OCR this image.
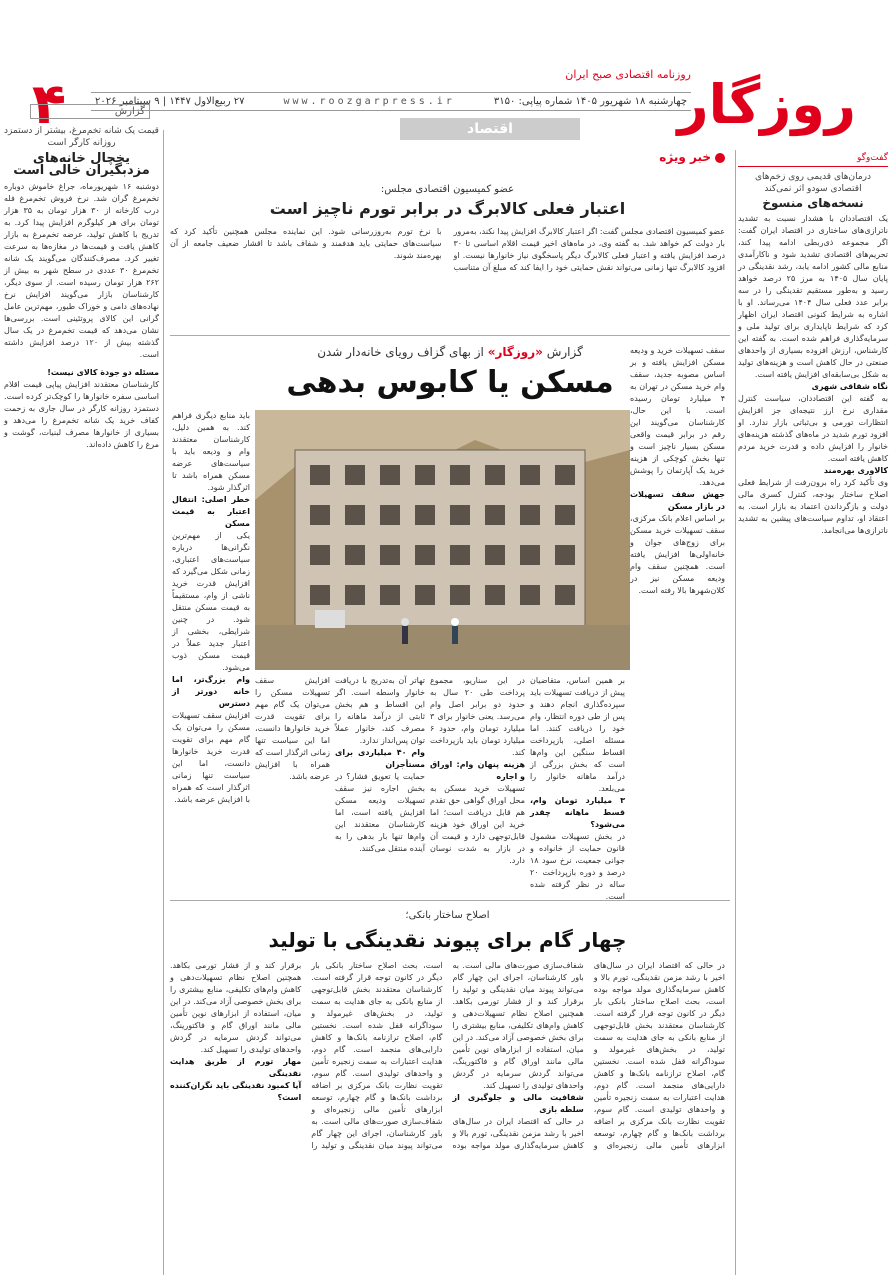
روزگار
۴	روزنامه اقتصادی صبح ایران
چهارشنبه ۱۸ شهریور ۱۴۰۵ شماره پیاپی: ۳۱۵۰
www.roozgarpress.ir
۲۷ ربیع‌الاول ۱۴۴۷ | ۹ سپتامبر ۲۰۲۶
اقتصاد
گزارش
گفت‌وگو
درمان‌های قدیمی روی زخم‌های اقتصادی سودو اثر نمی‌کند
نسخه‌های منسوخ
یک اقتصاددان با هشدار نسبت به تشدید ناترازی‌های ساختاری در اقتصاد ایران گفت: اگر مجموعه ذی‌ربطی ادامه پیدا کند، تحریم‌های اقتصادی تشدید شود و ناکارآمدی منابع مالی کشور ادامه یابد، رشد نقدینگی در پایان سال ۱۴۰۵ به مرز ۲۵ درصد خواهد رسید و به‌طور مستقیم تقدینگی را در سه برابر عدد فعلی سال ۱۴۰۴ می‌رساند. او با اشاره به شرایط کنونی اقتصاد ایران اظهار کرد که شرایط ناپایداری برای تولید ملی و سرمایه‌گذاری فراهم شده است. به گفته این کارشناس، ارزش افزوده بسیاری از واحدهای صنعتی در حال کاهش است و هزینه‌های تولید به شکل بی‌سابقه‌ای افزایش یافته است.
نگاه شقاقی شهری
به گفته این اقتصاددان، سیاست کنترل مقداری نرخ ارز نتیجه‌ای جز افزایش انتظارات تورمی و بی‌ثباتی بازار ندارد. او افزود تورم شدید در ماه‌های گذشته هزینه‌های خانوار را افزایش داده و قدرت خرید مردم کاهش یافته است.
کالاوری بهره‌مند
وی تأکید کرد راه برون‌رفت از شرایط فعلی اصلاح ساختار بودجه، کنترل کسری مالی دولت و بازگرداندن اعتماد به بازار است. به اعتقاد او، تداوم سیاست‌های پیشین به تشدید ناترازی‌ها می‌انجامد.
قیمت یک شانه تخم‌مرغ، بیشتر از دستمزد روزانه کارگر است
یخچال خانه‌های مزدبگیران خالی است
دوشنبه ۱۶ شهریورماه، جراغ خاموش دوباره‌ تخم‌مرغ گران شد. نرخ فروش تخم‌مرغ فله درب کارخانه از ۳۰ هزار تومان به ۳۵ هزار تومان برای هر کیلوگرم افزایش پیدا کرد. به تدریج با کاهش تولید، عرضه تخم‌مرغ به بازار کاهش یافت و قیمت‌ها در مغازه‌ها به سرعت تغییر کرد. مصرف‌کنندگان می‌گویند یک شانه تخم‌مرغ ۳۰ عددی در سطح شهر به بیش از ۲۶۲ هزار تومان رسیده است. از سوی دیگر، کارشناسان بازار می‌گویند افزایش نرخ نهاده‌های دامی و خوراک طیور، مهم‌ترین عامل گرانی این کالای پروتئینی است. بررسی‌ها نشان می‌دهد که قیمت تخم‌مرغ در یک سال گذشته بیش از ۱۲۰ درصد افزایش داشته است.
مسئله دو جودة کالای نیست!
کارشناسان معتقدند افزایش پیاپی قیمت اقلام اساسی سفره خانوارها را کوچک‌تر کرده است. دستمزد روزانه کارگر در سال جاری به زحمت کفاف خرید یک شانه تخم‌مرغ را می‌دهد و بسیاری از خانوارها مصرف لبنیات، گوشت و مرغ را کاهش داده‌اند.
خبر ویژه
عضو کمیسیون اقتصادی مجلس:
اعتبار فعلی کالابرگ در برابر تورم ناچیز است
عضو کمیسیون اقتصادی مجلس گفت: اگر اعتبار کالابرگ افزایش پیدا نکند، به‌مرور بار دولت کم خواهد شد. به گفته وی، در ماه‌های اخیر قیمت اقلام اساسی تا ۳۰ درصد افزایش یافته و اعتبار فعلی کالابرگ دیگر پاسخگوی نیاز خانوارها نیست. او افزود کالابرگ تنها زمانی می‌تواند نقش حمایتی خود را ایفا کند که مبلغ آن متناسب با نرخ تورم به‌روزرسانی شود. این نماینده مجلس همچنین تأکید کرد که سیاست‌های حمایتی باید هدفمند و شفاف باشد تا اقشار ضعیف جامعه از آن بهره‌مند شوند.
گزارش «روزگار» از بهای گزاف رویای خانه‌دار شدن
مسکن یا کابوس بدهی
سقف تسهیلات خرید و ودیعه مسکن افزایش یافته و بر اساس مصوبه جدید، سقف وام خرید مسکن در تهران به ۴ میلیارد تومان رسیده است. با این حال، کارشناسان می‌گویند این رقم در برابر قیمت واقعی مسکن بسیار ناچیز است و تنها بخش کوچکی از هزینه خرید یک آپارتمان را پوشش می‌دهد.
جهش سقف تسهیلات در بازار مسکن
بر اساس اعلام بانک مرکزی، سقف تسهیلات خرید مسکن برای زوج‌های جوان و خانه‌اولی‌ها افزایش یافته است. همچنین سقف وام ودیعه مسکن نیز در کلان‌شهرها بالا رفته است.
بر همین اساس، متقاضیان پیش از دریافت تسهیلات باید سپرده‌گذاری انجام دهند و پس از طی دوره انتظار، وام خود را دریافت کنند. اما مسئله اصلی، بازپرداخت اقساط سنگین این وام‌ها است که بخش بزرگی از درآمد ماهانه خانوار را می‌بلعد.
۳ میلیارد تومان وام، قسط ماهانه چقدر می‌شود؟
در بخش تسهیلات مشمول قانون حمایت از خانواده و جوانی جمعیت، نرخ سود ۱۸ درصد و دوره بازپرداخت ۲۰ ساله در نظر گرفته شده است.
در این سناریو، مجموع پرداخت طی ۲۰ سال به حدود دو برابر اصل وام می‌رسد. یعنی خانوار برای ۳ میلیارد تومان وام، حدود ۶ میلیارد تومان باید بازپرداخت کند.
هزینه پنهان وام: اوراق و اجاره
تسهیلات خرید مسکن به محل اوراق گواهی حق تقدم هم قابل دریافت است؛ اما خرید این اوراق خود هزینه قابل‌توجهی دارد و قیمت آن در بازار به شدت نوسان دارد.
تهاتر آن به‌تدریج با دریافت خانوار واسطه است. اگر این اقساط و هم بخش ثابتی از درآمد ماهانه را مصرف کند، خانوار عملاً توان پس‌انداز ندارد.
وام ۴۰ میلیاردی برای مستأجران
حمایت یا تعویق فشار؟ در بخش اجاره نیز سقف تسهیلات ودیعه مسکن افزایش یافته است، اما کارشناسان معتقدند این وام‌ها تنها بار بدهی را به آینده منتقل می‌کنند.
باید منابع دیگری فراهم کند. به همین دلیل، کارشناسان معتقدند وام و ودیعه باید با سیاست‌های عرضه مسکن همراه باشد تا اثرگذار شود.
خطر اصلی: انتقال اعتبار به قیمت مسکن
یکی از مهم‌ترین نگرانی‌ها درباره سیاست‌های اعتباری، زمانی شکل می‌گیرد که افزایش قدرت خرید ناشی از وام، مستقیماً به قیمت مسکن منتقل شود. در چنین شرایطی، بخشی از اعتبار جدید عملاً در قیمت مسکن ذوب می‌شود.
وام بزرگ‌تر، اما خانه دورتر از دسترس
افزایش سقف تسهیلات مسکن را می‌توان یک گام مهم برای تقویت قدرت خرید خانوارها دانست، اما این سیاست تنها زمانی اثرگذار است که همراه با افزایش عرضه باشد.
افزایش سقف تسهیلات مسکن را می‌توان یک گام مهم برای تقویت قدرت خرید خانوارها دانست، اما این سیاست تنها زمانی اثرگذار است که همراه با افزایش عرضه باشد.
اصلاح ساختار بانکی؛
چهار گام برای پیوند نقدینگی با تولید
در حالی که اقتصاد ایران در سال‌های اخیر با رشد مزمن نقدینگی، تورم بالا و کاهش سرمایه‌گذاری مولد مواجه بوده است، بحث اصلاح ساختار بانکی بار دیگر در کانون توجه قرار گرفته است. کارشناسان معتقدند بخش قابل‌توجهی از منابع بانکی به جای هدایت به سمت تولید، در بخش‌های غیرمولد و سوداگرانه قفل شده است. نخستین گام، اصلاح ترازنامه بانک‌ها و کاهش دارایی‌های منجمد است. گام دوم، هدایت اعتبارات به سمت زنجیره تأمین و واحدهای تولیدی است. گام سوم، تقویت نظارت بانک مرکزی بر اضافه برداشت بانک‌ها و گام چهارم، توسعه ابزارهای تأمین مالی زنجیره‌ای و شفاف‌سازی صورت‌های مالی است. به باور کارشناسان، اجرای این چهار گام می‌تواند پیوند میان نقدینگی و تولید را برقرار کند و از فشار تورمی بکاهد. همچنین اصلاح نظام تسهیلات‌دهی و کاهش وام‌های تکلیفی، منابع بیشتری را برای بخش خصوصی آزاد می‌کند. در این میان، استفاده از ابزارهای نوین تأمین مالی مانند اوراق گام و فاکتورینگ، می‌تواند گردش سرمایه در گردش واحدهای تولیدی را تسهیل کند.
شفافیت مالی و جلوگیری از سلطه بازی
در حالی که اقتصاد ایران در سال‌های اخیر با رشد مزمن نقدینگی، تورم بالا و کاهش سرمایه‌گذاری مولد مواجه بوده است، بحث اصلاح ساختار بانکی بار دیگر در کانون توجه قرار گرفته است. کارشناسان معتقدند بخش قابل‌توجهی از منابع بانکی به جای هدایت به سمت تولید، در بخش‌های غیرمولد و سوداگرانه قفل شده است. نخستین گام، اصلاح ترازنامه بانک‌ها و کاهش دارایی‌های منجمد است. گام دوم، هدایت اعتبارات به سمت زنجیره تأمین و واحدهای تولیدی است. گام سوم، تقویت نظارت بانک مرکزی بر اضافه برداشت بانک‌ها و گام چهارم، توسعه ابزارهای تأمین مالی زنجیره‌ای و شفاف‌سازی صورت‌های مالی است. به باور کارشناسان، اجرای این چهار گام می‌تواند پیوند میان نقدینگی و تولید را برقرار کند و از فشار تورمی بکاهد. همچنین اصلاح نظام تسهیلات‌دهی و کاهش وام‌های تکلیفی، منابع بیشتری را برای بخش خصوصی آزاد می‌کند. در این میان، استفاده از ابزارهای نوین تأمین مالی مانند اوراق گام و فاکتورینگ، می‌تواند گردش سرمایه در گردش واحدهای تولیدی را تسهیل کند.
مهار تورم از طریق هدایت نقدینگی
آیا کمبود نقدینگی باید نگران‌کننده است؟
